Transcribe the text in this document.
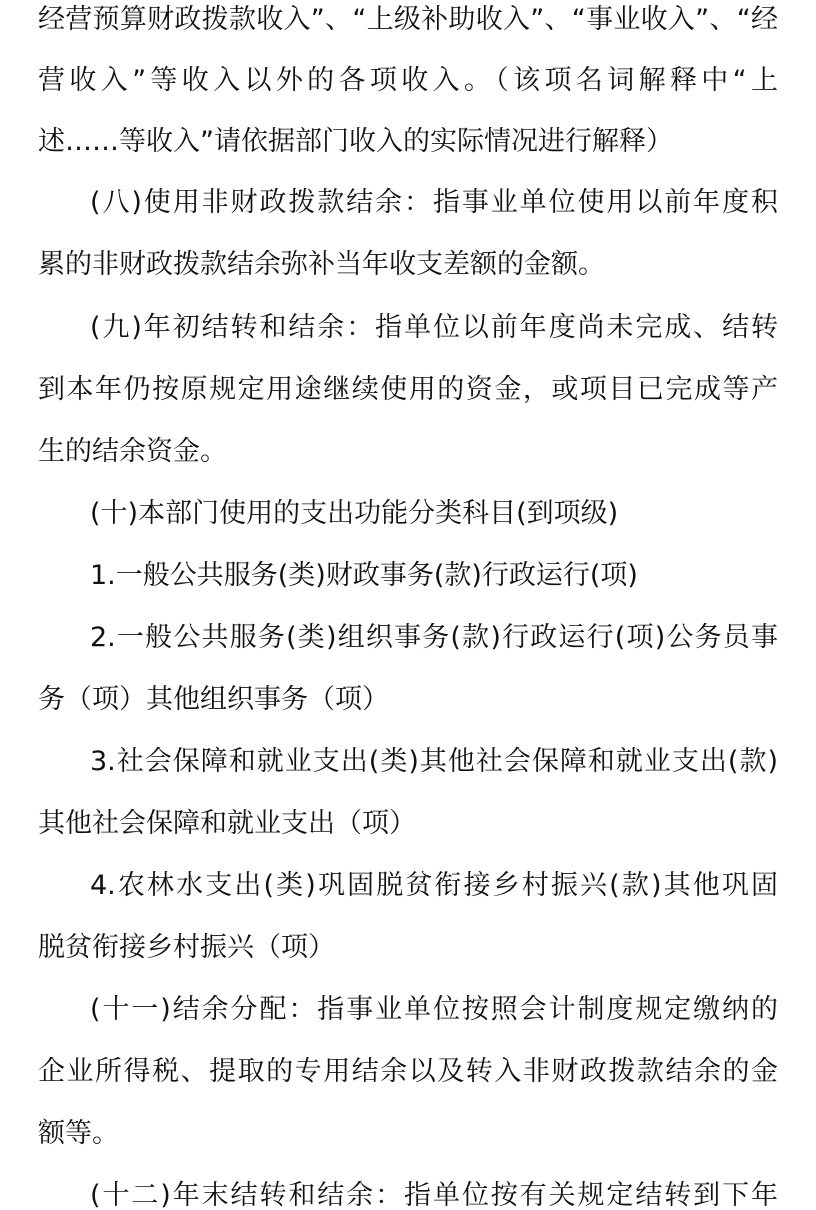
经营预算财政拨款收入”、“上级补助收入”、“事业收入”、“经
营收入”等收入以外的各项收入。（该项名词解释中“上
述……等收入”请依据部门收入的实际情况进行解释）
(八)使用非财政拨款结余：指事业单位使用以前年度积
累的非财政拨款结余弥补当年收支差额的金额。
(九)年初结转和结余：指单位以前年度尚未完成、结转
到本年仍按原规定用途继续使用的资金，或项目已完成等产
生的结余资金。
(十)本部门使用的支出功能分类科目(到项级)
1.一般公共服务(类)财政事务(款)行政运行(项)
2.一般公共服务(类)组织事务(款)行政运行(项)公务员事
务（项）其他组织事务（项）
3.社会保障和就业支出(类)其他社会保障和就业支出(款)
其他社会保障和就业支出（项）
4.农林水支出(类)巩固脱贫衔接乡村振兴(款)其他巩固
脱贫衔接乡村振兴（项）
(十一)结余分配：指事业单位按照会计制度规定缴纳的
企业所得税、提取的专用结余以及转入非财政拨款结余的金
额等。
(十二)年末结转和结余：指单位按有关规定结转到下年
